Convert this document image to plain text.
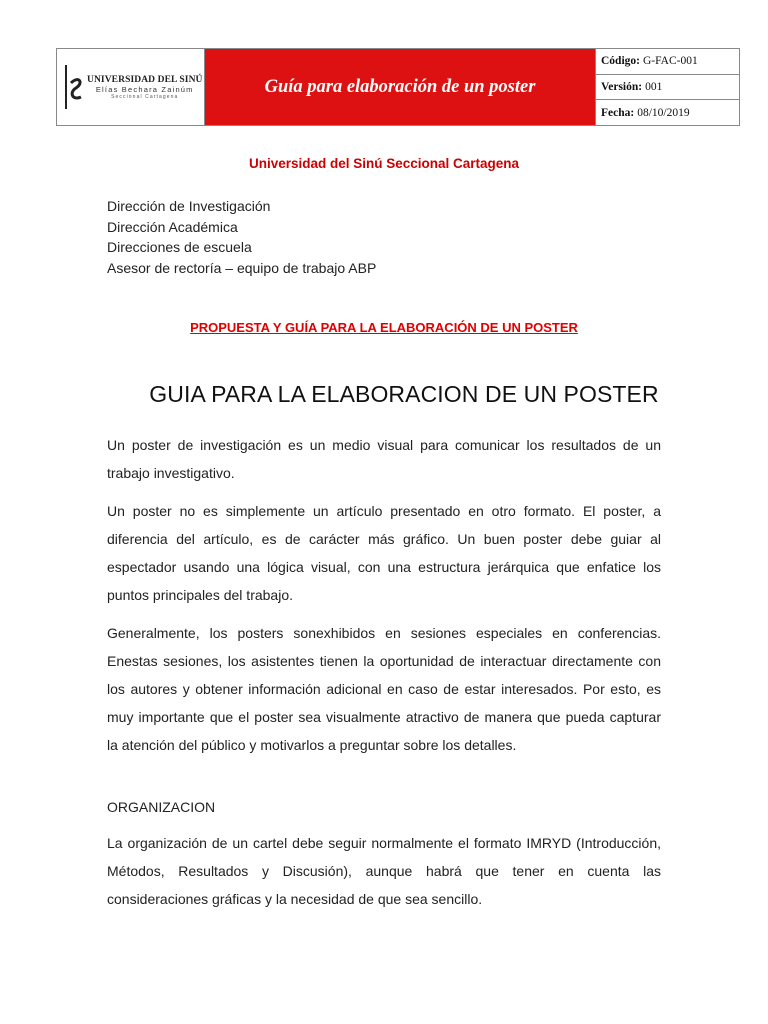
UNIVERSIDAD DEL SINÚ
Elías Bechara Zainúm
Seccional Cartagena	Guía para elaboración de un poster
Código: G-FAC-001
Versión: 001
Fecha: 08/10/2019
Universidad del Sinú Seccional Cartagena
Dirección de Investigación
Dirección Académica
Direcciones de escuela
Asesor de rectoría – equipo de trabajo ABP
PROPUESTA Y GUÍA PARA LA ELABORACIÓN DE UN POSTER
GUIA PARA LA ELABORACION DE UN POSTER

Un poster de investigación es un medio visual para comunicar los resultados de un trabajo investigativo.

Un poster no es simplemente un artículo presentado en otro formato. El poster, a diferencia del artículo, es de carácter más gráfico. Un buen poster debe guiar al espectador usando una lógica visual, con una estructura jerárquica que enfatice los puntos principales del trabajo.

Generalmente, los posters sonexhibidos en sesiones especiales en conferencias. Enestas sesiones, los asistentes tienen la oportunidad de interactuar directamente con los autores y obtener información adicional en caso de estar interesados. Por esto, es muy importante que el poster sea visualmente atractivo de manera que pueda capturar la atención del público y motivarlos a preguntar sobre los detalles.

ORGANIZACION

La organización de un cartel debe seguir normalmente el formato IMRYD (Introducción, Métodos, Resultados y Discusión), aunque habrá que tener en cuenta las consideraciones gráficas y la necesidad de que sea sencillo.
